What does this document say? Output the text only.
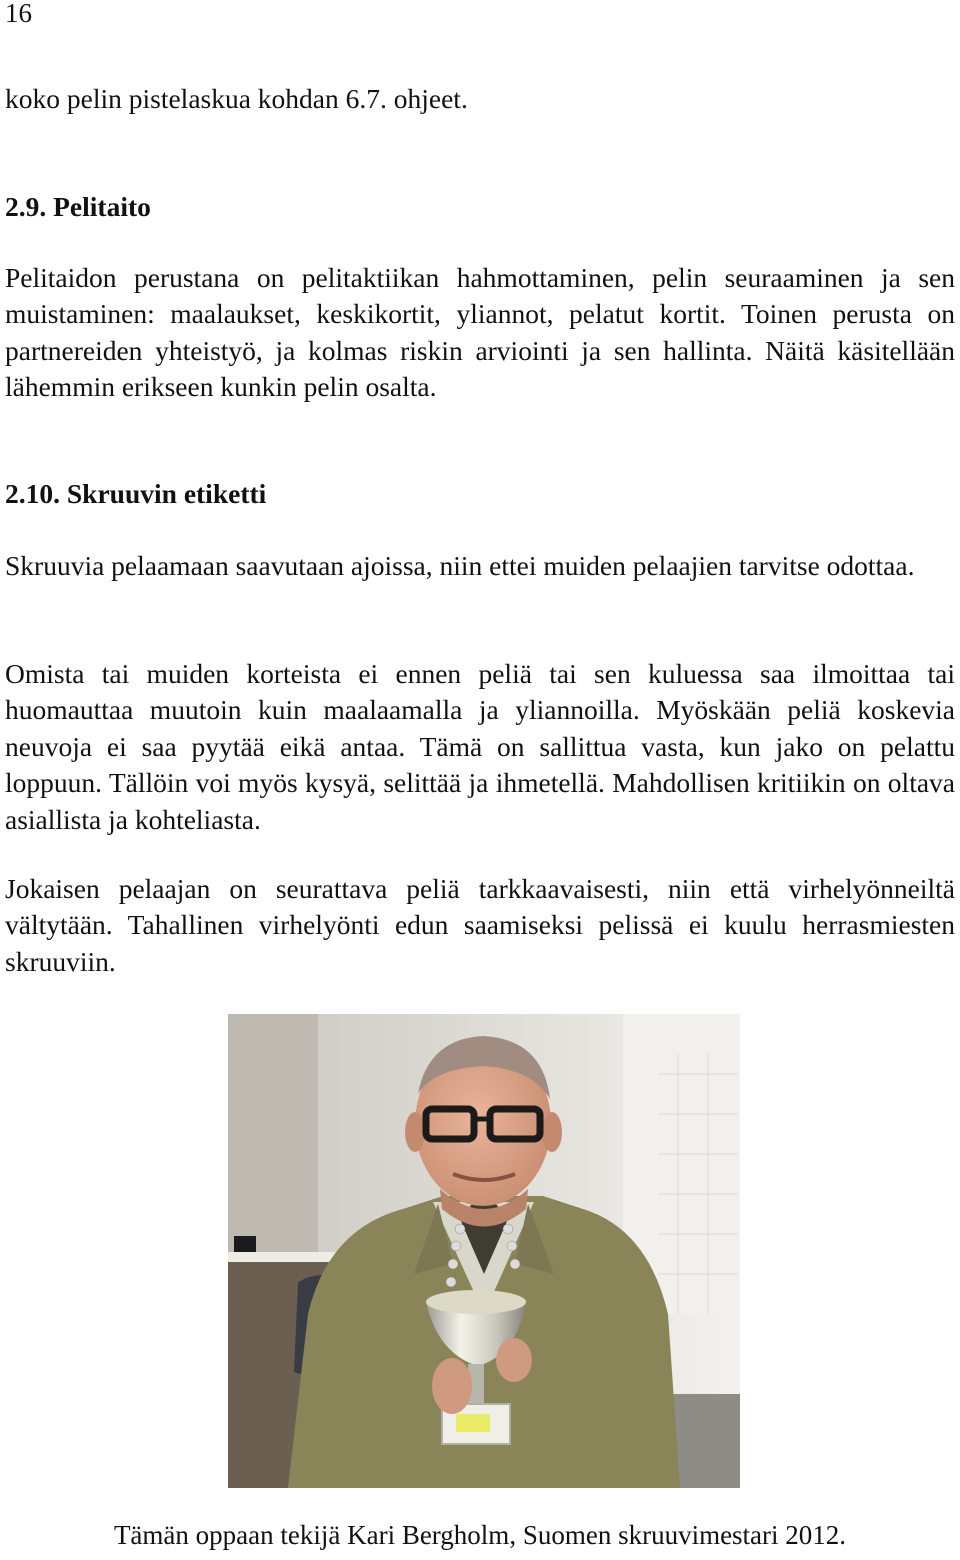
16
koko pelin pistelaskua kohdan 6.7. ohjeet.
2.9. Pelitaito
Pelitaidon perustana on pelitaktiikan hahmottaminen, pelin seuraaminen ja sen muistaminen: maalaukset, keskikortit, yliannot, pelatut kortit. Toinen perusta on partnereiden yhteistyö, ja kolmas riskin arviointi ja sen hallinta. Näitä käsitellään lähemmin erikseen kunkin pelin osalta.
2.10. Skruuvin etiketti
Skruuvia pelaamaan saavutaan ajoissa, niin ettei muiden pelaajien tarvitse odottaa.
Omista tai muiden korteista ei ennen peliä tai sen kuluessa saa ilmoittaa tai huomauttaa muutoin kuin maalaamalla ja yliannoilla. Myöskään peliä koskevia neuvoja ei saa pyytää eikä antaa. Tämä on sallittua vasta, kun jako on pelattu loppuun. Tällöin voi myös kysyä, selittää ja ihmetellä. Mahdollisen kritiikin on oltava asiallista ja kohteliasta.
Jokaisen pelaajan on seurattava peliä tarkkaavaisesti, niin että virhelyönneiltä vältytään. Tahallinen virhelyönti edun saamiseksi pelissä ei kuulu herrasmiesten skruuviin.
Tämän oppaan tekijä Kari Bergholm, Suomen skruuvimestari 2012.
